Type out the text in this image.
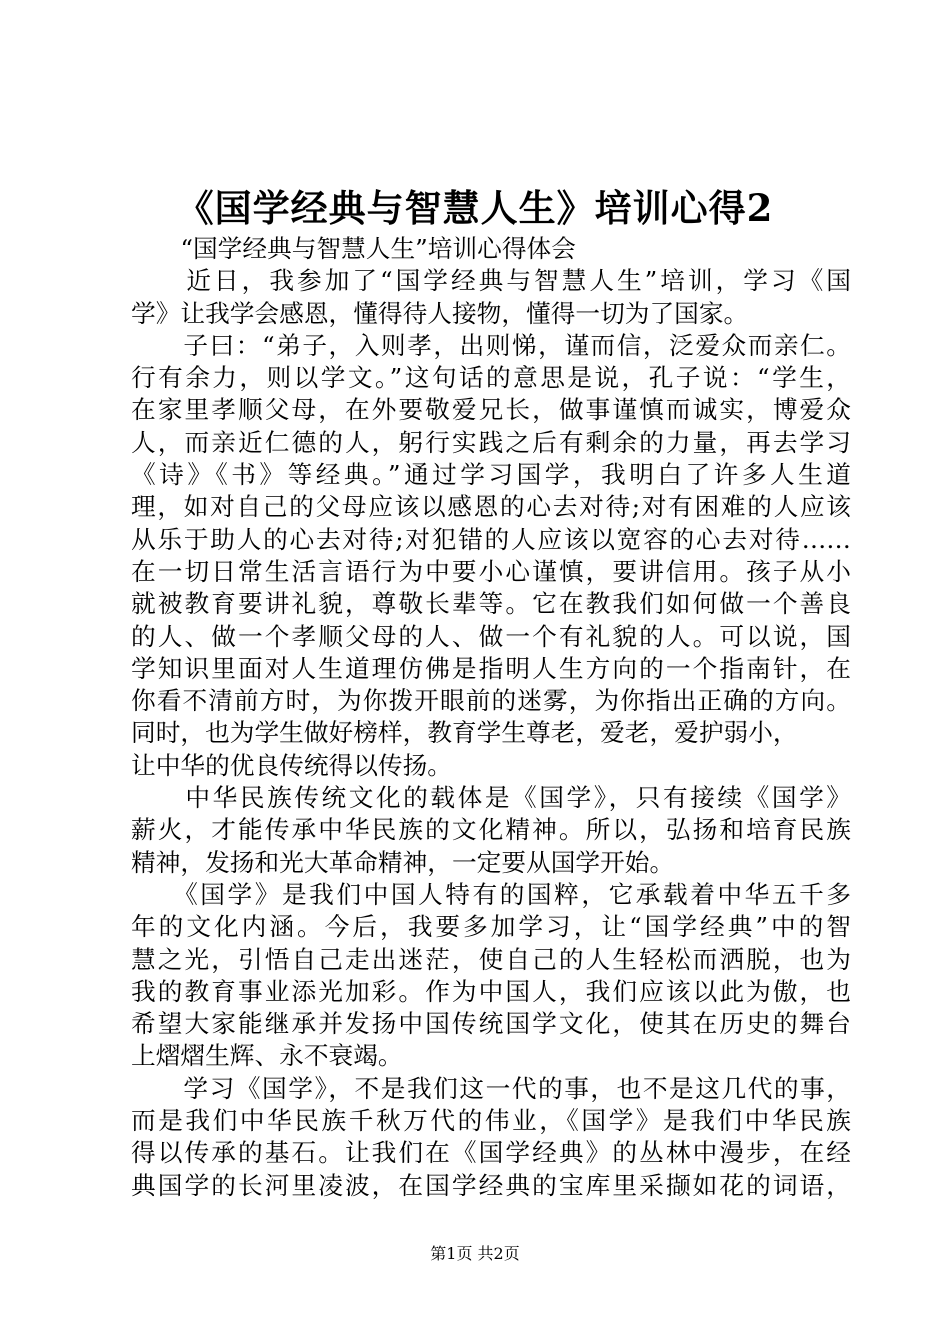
《国学经典与智慧人生》培训心得2
　　“国学经典与智慧人生”培训心得体会
　　近日，我参加了“国学经典与智慧人生”培训，学习《国
学》让我学会感恩，懂得待人接物，懂得一切为了国家。
　　子曰：“弟子，入则孝，出则悌，谨而信，泛爱众而亲仁。
行有余力，则以学文。”这句话的意思是说，孔子说：“学生，
在家里孝顺父母，在外要敬爱兄长，做事谨慎而诚实，博爱众
人，而亲近仁德的人，躬行实践之后有剩余的力量，再去学习
《诗》《书》等经典。”通过学习国学，我明白了许多人生道
理，如对自己的父母应该以感恩的心去对待;对有困难的人应该
从乐于助人的心去对待;对犯错的人应该以宽容的心去对待……
在一切日常生活言语行为中要小心谨慎，要讲信用。孩子从小
就被教育要讲礼貌，尊敬长辈等。它在教我们如何做一个善良
的人、做一个孝顺父母的人、做一个有礼貌的人。可以说，国
学知识里面对人生道理仿佛是指明人生方向的一个指南针，在
你看不清前方时，为你拨开眼前的迷雾，为你指出正确的方向。
同时，也为学生做好榜样，教育学生尊老，爱老，爱护弱小，
让中华的优良传统得以传扬。
　　中华民族传统文化的载体是《国学》，只有接续《国学》
薪火，才能传承中华民族的文化精神。所以，弘扬和培育民族
精神，发扬和光大革命精神，一定要从国学开始。
　　《国学》是我们中国人特有的国粹，它承载着中华五千多
年的文化内涵。今后，我要多加学习，让“国学经典”中的智
慧之光，引悟自己走出迷茫，使自己的人生轻松而洒脱，也为
我的教育事业添光加彩。作为中国人，我们应该以此为傲，也
希望大家能继承并发扬中国传统国学文化，使其在历史的舞台
上熠熠生辉、永不衰竭。
　　学习《国学》，不是我们这一代的事，也不是这几代的事，
而是我们中华民族千秋万代的伟业，《国学》是我们中华民族
得以传承的基石。让我们在《国学经典》的丛林中漫步，在经
典国学的长河里凌波，在国学经典的宝库里采撷如花的词语，
第1页 共2页
